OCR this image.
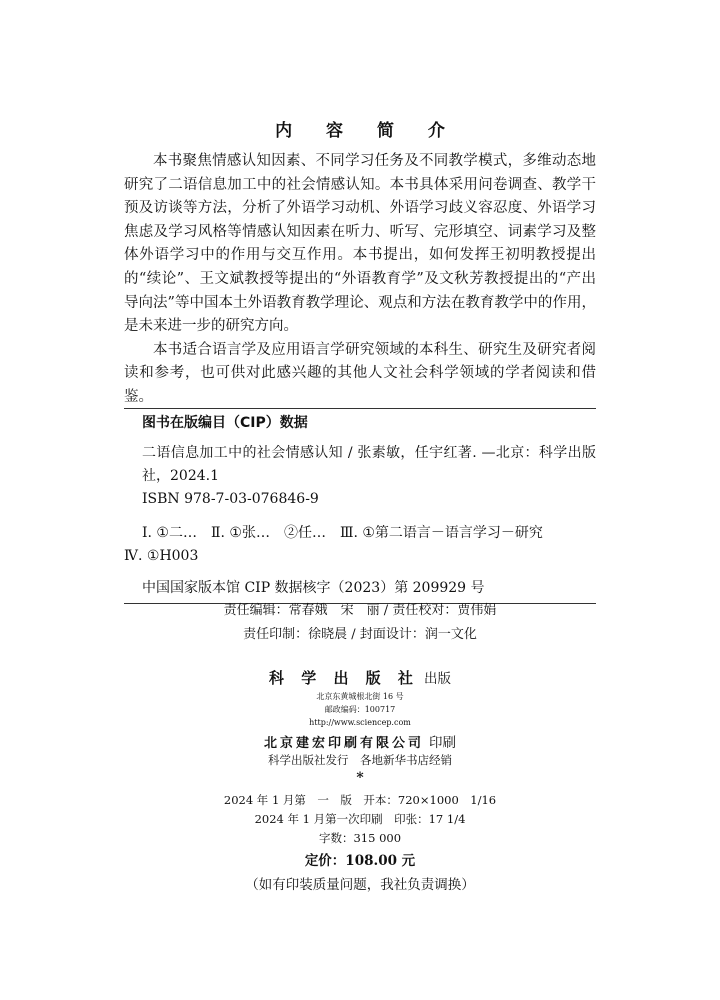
内 容 简 介

本书聚焦情感认知因素、不同学习任务及不同教学模式，多维动态地研究了二语信息加工中的社会情感认知。本书具体采用问卷调查、教学干预及访谈等方法，分析了外语学习动机、外语学习歧义容忍度、外语学习焦虑及学习风格等情感认知因素在听力、听写、完形填空、词素学习及整体外语学习中的作用与交互作用。本书提出，如何发挥王初明教授提出的“续论”、王文斌教授等提出的“外语教育学”及文秋芳教授提出的“产出导向法”等中国本土外语教育教学理论、观点和方法在教育教学中的作用，是未来进一步的研究方向。

本书适合语言学及应用语言学研究领域的本科生、研究生及研究者阅读和参考，也可供对此感兴趣的其他人文社会科学领域的学者阅读和借鉴。

图书在版编目（CIP）数据
二语信息加工中的社会情感认知 / 张素敏，任宇红著. —北京：科学出版社，2024.1
ISBN 978-7-03-076846-9
Ⅰ. ①二…　Ⅱ. ①张…　②任…　Ⅲ. ①第二语言－语言学习－研究
Ⅳ. ①H003
中国国家版本馆 CIP 数据核字（2023）第 209929 号
责任编辑：常春娥　宋　丽 / 责任校对：贾伟娟
责任印制：徐晓晨 / 封面设计：润一文化
科 学 出 版 社 出版
北京东黄城根北街 16 号
邮政编码：100717
http://www.sciencep.com
北京建宏印刷有限公司 印刷
科学出版社发行　各地新华书店经销
*
2024 年 1 月第　一　版　开本：720×1000　1/16
2024 年 1 月第一次印刷　印张：17 1/4
字数：315 000
定价：108.00 元
（如有印装质量问题，我社负责调换）
